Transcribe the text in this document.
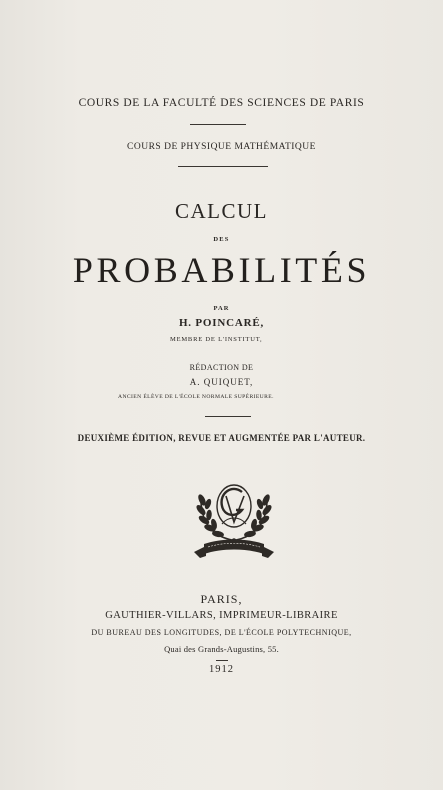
COURS DE LA FACULTÉ DES SCIENCES DE PARIS
COURS DE PHYSIQUE MATHÉMATIQUE
CALCUL
DES
PROBABILITÉS
PAR
H. POINCARÉ,
MEMBRE DE L'INSTITUT,
RÉDACTION DE
A. QUIQUET,
ANCIEN ÉLÈVE DE L'ÉCOLE NORMALE SUPÉRIEURE.
DEUXIÈME ÉDITION, REVUE ET AUGMENTÉE PAR L'AUTEUR.
PARIS,
GAUTHIER-VILLARS, IMPRIMEUR-LIBRAIRE
DU BUREAU DES LONGITUDES, DE L'ÉCOLE POLYTECHNIQUE,
Quai des Grands-Augustins, 55.
1912
